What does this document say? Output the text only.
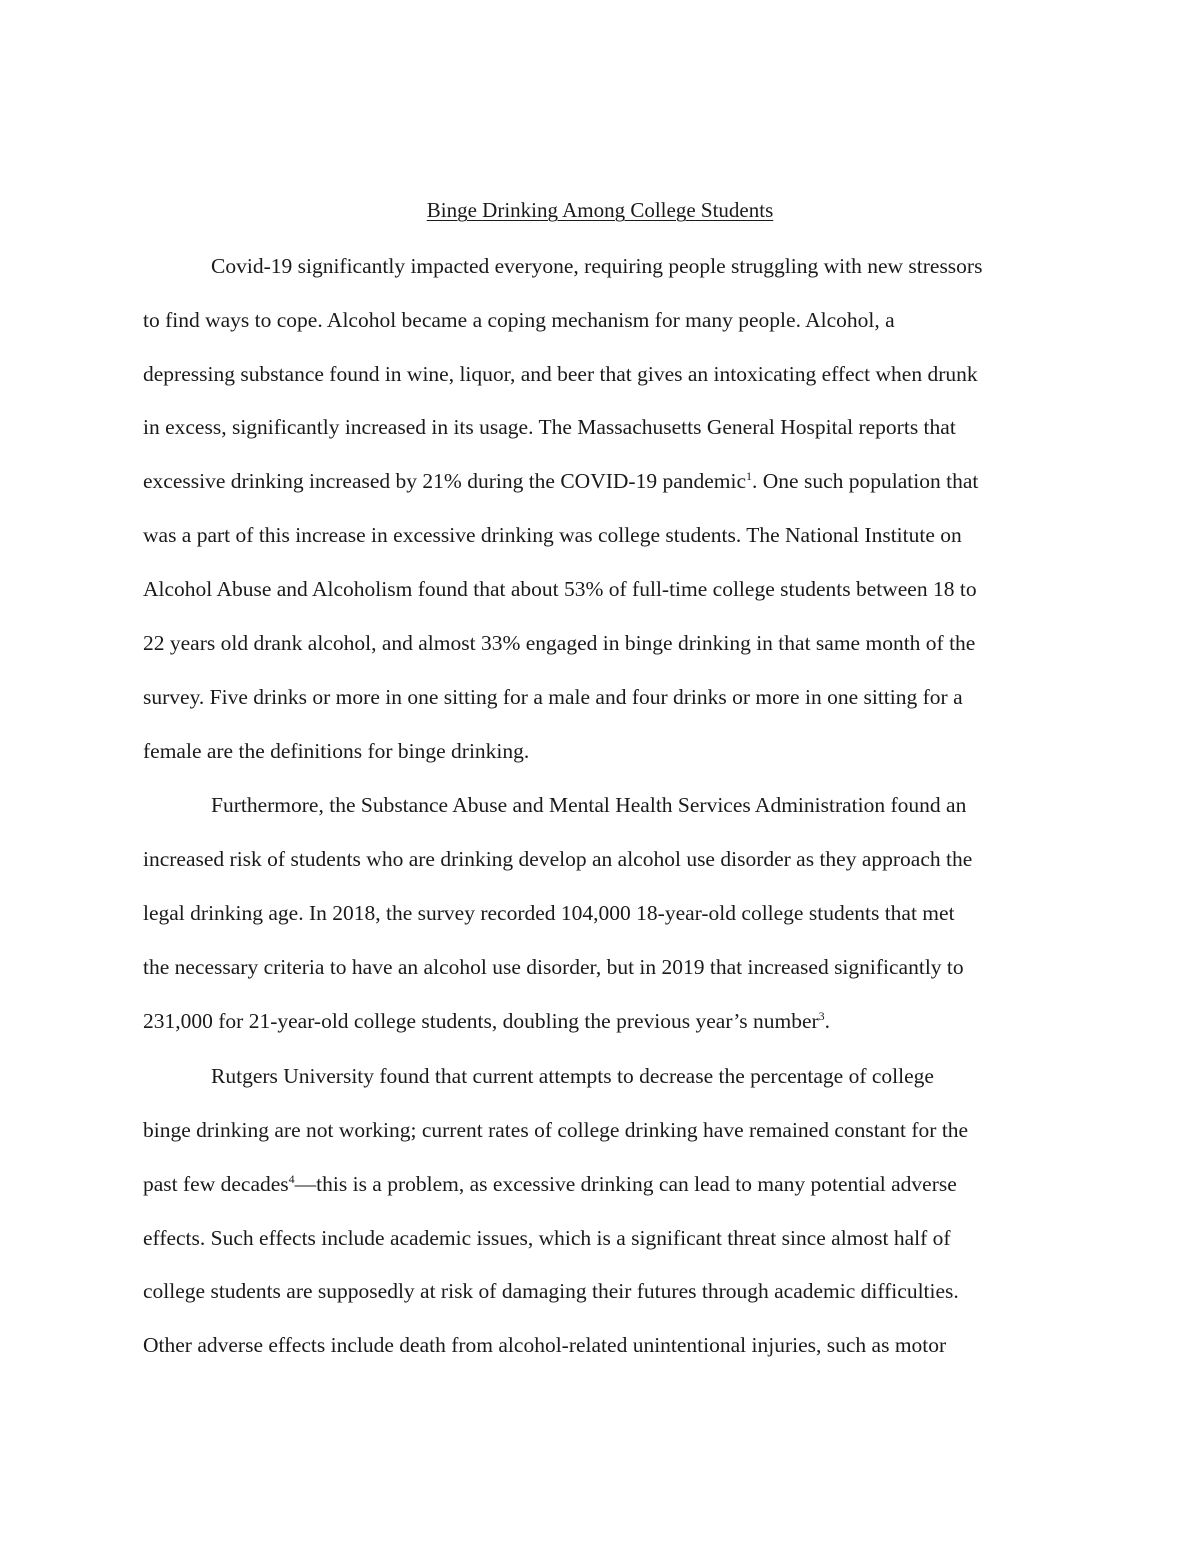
Binge Drinking Among College Students
Covid-19 significantly impacted everyone, requiring people struggling with new stressors
to find ways to cope. Alcohol became a coping mechanism for many people. Alcohol, a
depressing substance found in wine, liquor, and beer that gives an intoxicating effect when drunk
in excess, significantly increased in its usage. The Massachusetts General Hospital reports that
excessive drinking increased by 21% during the COVID-19 pandemic$^1$. One such population that
was a part of this increase in excessive drinking was college students. The National Institute on
Alcohol Abuse and Alcoholism found that about 53% of full-time college students between 18 to
22 years old drank alcohol, and almost 33% engaged in binge drinking in that same month of the
survey. Five drinks or more in one sitting for a male and four drinks or more in one sitting for a
female are the definitions for binge drinking.
Furthermore, the Substance Abuse and Mental Health Services Administration found an
increased risk of students who are drinking develop an alcohol use disorder as they approach the
legal drinking age. In 2018, the survey recorded 104,000 18-year-old college students that met
the necessary criteria to have an alcohol use disorder, but in 2019 that increased significantly to
231,000 for 21-year-old college students, doubling the previous year’s number$^3$.
Rutgers University found that current attempts to decrease the percentage of college
binge drinking are not working; current rates of college drinking have remained constant for the
past few decades$^4$—this is a problem, as excessive drinking can lead to many potential adverse
effects. Such effects include academic issues, which is a significant threat since almost half of
college students are supposedly at risk of damaging their futures through academic difficulties.
Other adverse effects include death from alcohol-related unintentional injuries, such as motor
